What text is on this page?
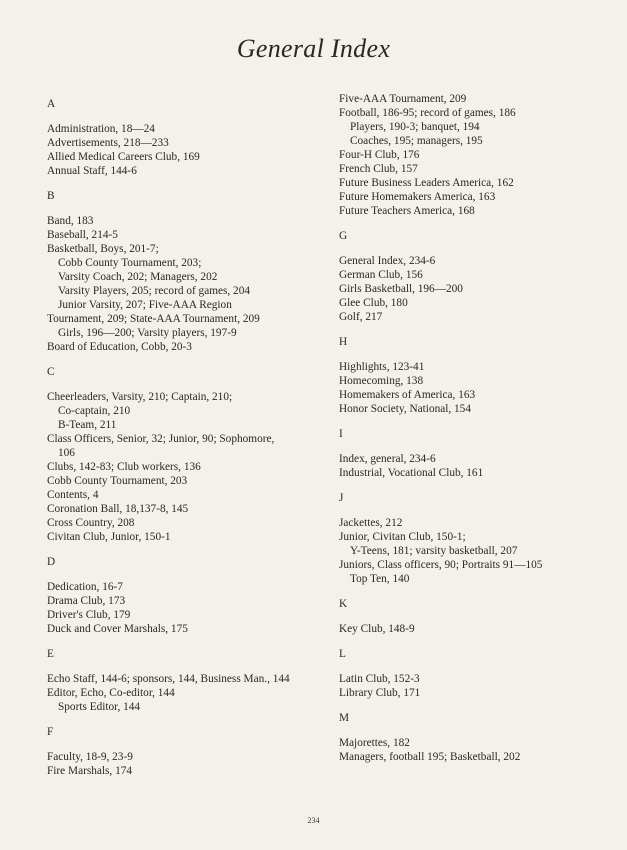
General Index
A
Administration, 18—24
Advertisements, 218—233
Allied Medical Careers Club, 169
Annual Staff, 144-6
B
Band, 183
Baseball, 214-5
Basketball, Boys, 201-7;
Cobb County Tournament, 203;
Varsity Coach, 202; Managers, 202
Varsity Players, 205; record of games, 204
Junior Varsity, 207; Five-AAA Region
Tournament, 209; State-AAA Tournament, 209
Girls, 196—200; Varsity players, 197-9
Board of Education, Cobb, 20-3
C
Cheerleaders, Varsity, 210; Captain, 210;
Co-captain, 210
B-Team, 211
Class Officers, Senior, 32; Junior, 90; Sophomore,
106
Clubs, 142-83; Club workers, 136
Cobb County Tournament, 203
Contents, 4
Coronation Ball, 18,137-8, 145
Cross Country, 208
Civitan Club, Junior, 150-1
D
Dedication, 16-7
Drama Club, 173
Driver's Club, 179
Duck and Cover Marshals, 175
E
Echo Staff, 144-6; sponsors, 144, Business Man., 144
Editor, Echo, Co-editor, 144
Sports Editor, 144
F
Faculty, 18-9, 23-9
Fire Marshals, 174
Five-AAA Tournament, 209
Football, 186-95; record of games, 186
Players, 190-3; banquet, 194
Coaches, 195; managers, 195
Four-H Club, 176
French Club, 157
Future Business Leaders America, 162
Future Homemakers America, 163
Future Teachers America, 168
G
General Index, 234-6
German Club, 156
Girls Basketball, 196—200
Glee Club, 180
Golf, 217
H
Highlights, 123-41
Homecoming, 138
Homemakers of America, 163
Honor Society, National, 154
I
Index, general, 234-6
Industrial, Vocational Club, 161
J
Jackettes, 212
Junior, Civitan Club, 150-1;
Y-Teens, 181; varsity basketball, 207
Juniors, Class officers, 90; Portraits 91—105
Top Ten, 140
K
Key Club, 148-9
L
Latin Club, 152-3
Library Club, 171
M
Majorettes, 182
Managers, football 195; Basketball, 202
234
